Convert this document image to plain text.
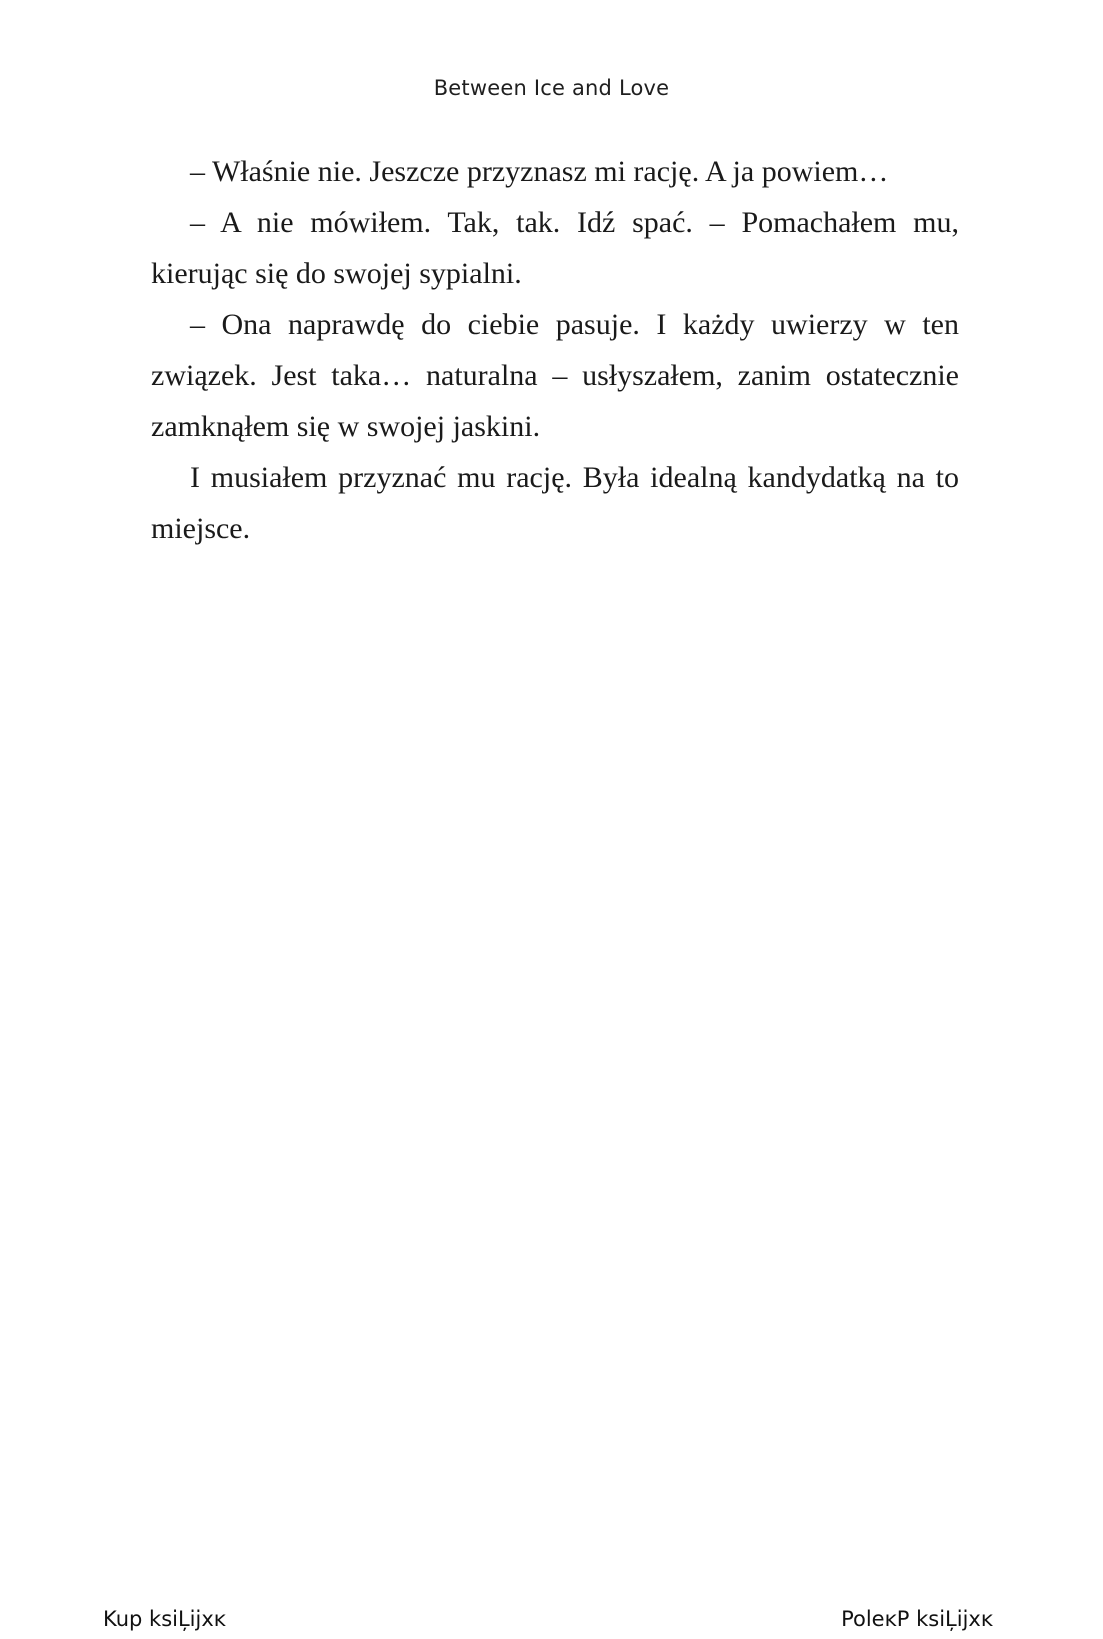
Between Ice and Love

– Właśnie nie. Jeszcze przyznasz mi rację. A ja powiem…

– A nie mówiłem. Tak, tak. Idź spać. – Pomachałem mu, kierując się do swojej sypialni.

– Ona naprawdę do ciebie pasuje. I każdy uwierzy w ten związek. Jest taka… naturalna – usłyszałem, zanim ostatecznie zamknąłem się w swojej jaskini.

I musiałem przyznać mu rację. Była idealną kandydatką na to miejsce.

Kup ksiĻĳxĸ	PoleĸP ksiĻĳxĸ
